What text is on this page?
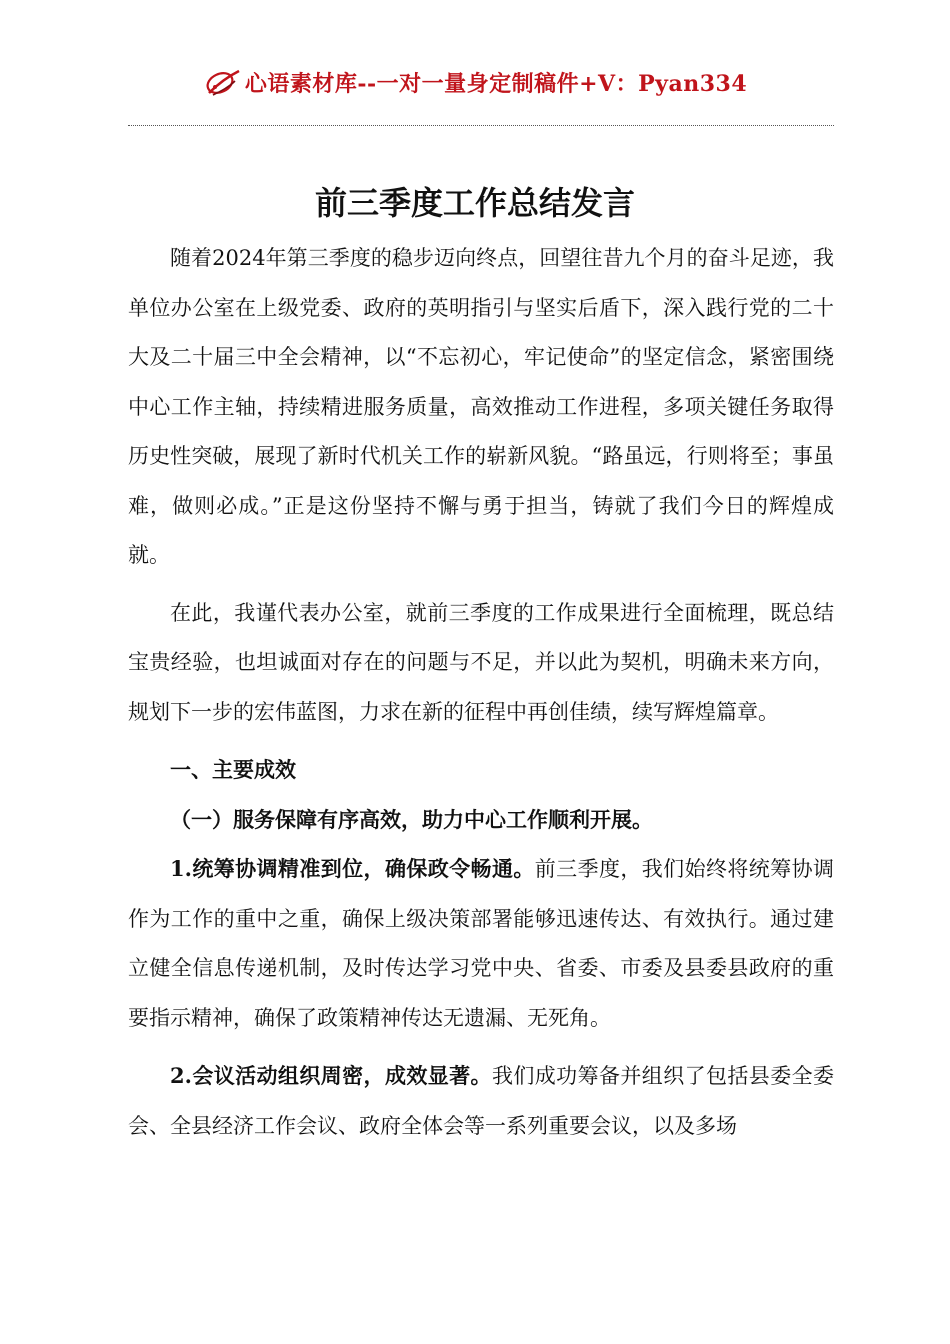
心语素材库--一对一量身定制稿件+V：Pyan334
前三季度工作总结发言

随着2024年第三季度的稳步迈向终点，回望往昔九个月的奋斗足迹，我单位办公室在上级党委、政府的英明指引与坚实后盾下，深入践行党的二十大及二十届三中全会精神，以“不忘初心，牢记使命”的坚定信念，紧密围绕中心工作主轴，持续精进服务质量，高效推动工作进程，多项关键任务取得历史性突破，展现了新时代机关工作的崭新风貌。“路虽远，行则将至；事虽难，做则必成。”正是这份坚持不懈与勇于担当，铸就了我们今日的辉煌成就。

在此，我谨代表办公室，就前三季度的工作成果进行全面梳理，既总结宝贵经验，也坦诚面对存在的问题与不足，并以此为契机，明确未来方向，规划下一步的宏伟蓝图，力求在新的征程中再创佳绩，续写辉煌篇章。

一、主要成效

（一）服务保障有序高效，助力中心工作顺利开展。

1.统筹协调精准到位，确保政令畅通。前三季度，我们始终将统筹协调作为工作的重中之重，确保上级决策部署能够迅速传达、有效执行。通过建立健全信息传递机制，及时传达学习党中央、省委、市委及县委县政府的重要指示精神，确保了政策精神传达无遗漏、无死角。

2.会议活动组织周密，成效显著。我们成功筹备并组织了包括县委全委会、全县经济工作会议、政府全体会等一系列重要会议，以及多场
